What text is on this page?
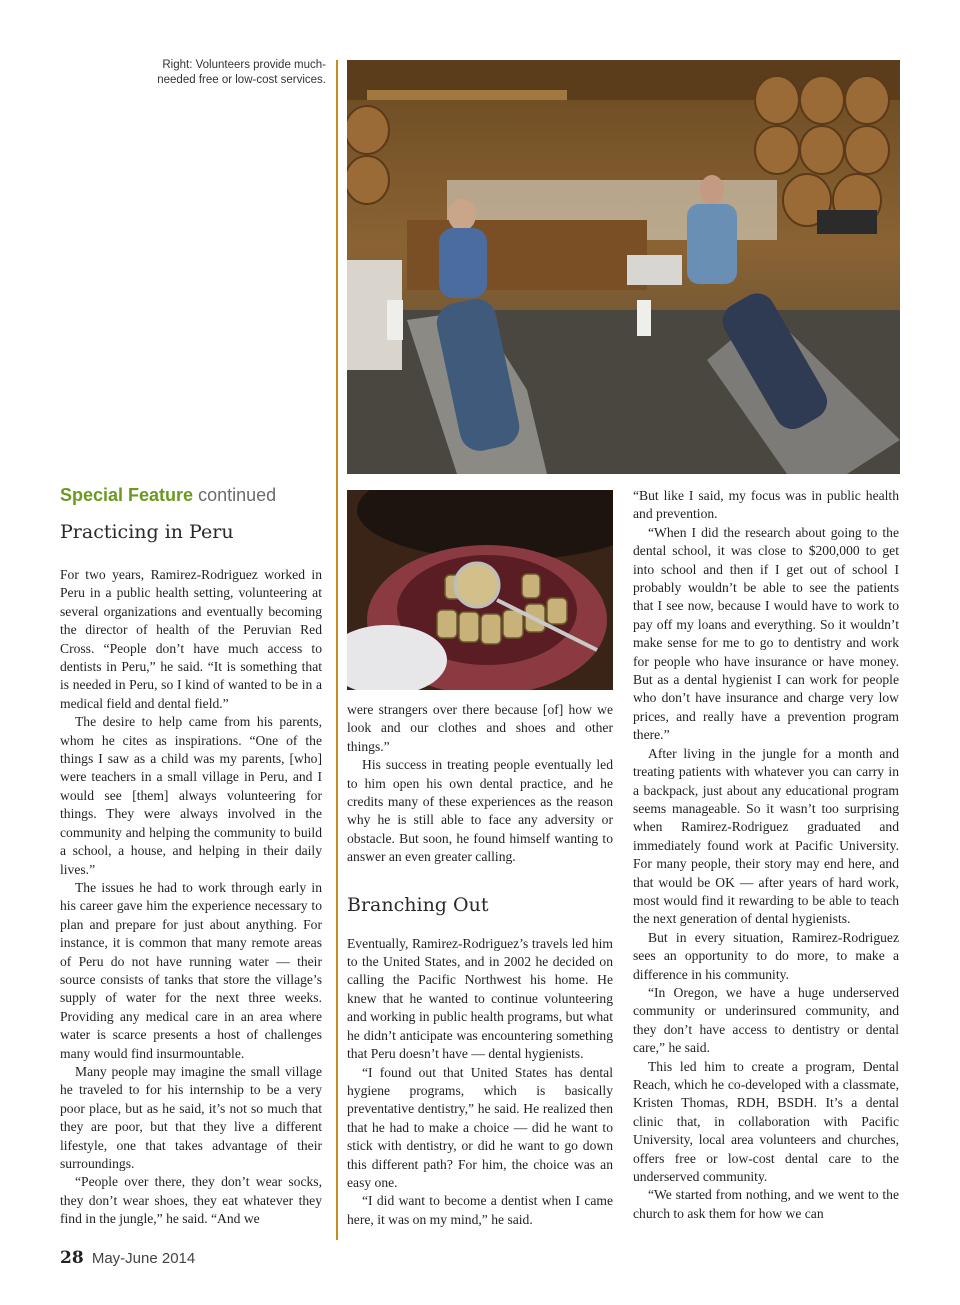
Right: Volunteers provide much-needed free or low-cost services.
Special Feature continued
Practicing in Peru

For two years, Ramirez-Rodriguez worked in Peru in a public health setting, volunteering at several organizations and eventually becoming the director of health of the Peruvian Red Cross. “People don’t have much access to dentists in Peru,” he said. “It is something that is needed in Peru, so I kind of wanted to be in a medical field and dental field.”

The desire to help came from his parents, whom he cites as inspirations. “One of the things I saw as a child was my parents, [who] were teachers in a small village in Peru, and I would see [them] always volunteering for things. They were always involved in the community and helping the community to build a school, a house, and helping in their daily lives.”

The issues he had to work through early in his career gave him the experience necessary to plan and prepare for just about anything. For instance, it is common that many remote areas of Peru do not have running water — their source consists of tanks that store the village’s supply of water for the next three weeks. Providing any medical care in an area where water is scarce presents a host of challenges many would find insurmountable.

Many people may imagine the small village he traveled to for his internship to be a very poor place, but as he said, it’s not so much that they are poor, but that they live a different lifestyle, one that takes advantage of their surroundings.

“People over there, they don’t wear socks, they don’t wear shoes, they eat whatever they find in the jungle,” he said. “And we

were strangers over there because [of] how we look and our clothes and shoes and other things.”

His success in treating people eventually led to him open his own dental practice, and he credits many of these experiences as the reason why he is still able to face any adversity or obstacle. But soon, he found himself wanting to answer an even greater calling.

Branching Out

Eventually, Ramirez-Rodriguez’s travels led him to the United States, and in 2002 he decided on calling the Pacific Northwest his home. He knew that he wanted to continue volunteering and working in public health programs, but what he didn’t anticipate was encountering something that Peru doesn’t have — dental hygienists.

“I found out that United States has dental hygiene programs, which is basically preventative dentistry,” he said. He realized then that he had to make a choice — did he want to stick with dentistry, or did he want to go down this different path? For him, the choice was an easy one.

“I did want to become a dentist when I came here, it was on my mind,” he said.

“But like I said, my focus was in public health and prevention.

“When I did the research about going to the dental school, it was close to $200,000 to get into school and then if I get out of school I probably wouldn’t be able to see the patients that I see now, because I would have to work to pay off my loans and everything. So it wouldn’t make sense for me to go to dentistry and work for people who have insurance or have money. But as a dental hygienist I can work for people who don’t have insurance and charge very low prices, and really have a prevention program there.”

After living in the jungle for a month and treating patients with whatever you can carry in a backpack, just about any educational program seems manageable. So it wasn’t too surprising when Ramirez-Rodriguez graduated and immediately found work at Pacific University. For many people, their story may end here, and that would be OK — after years of hard work, most would find it rewarding to be able to teach the next generation of dental hygienists.

But in every situation, Ramirez-Rodriguez sees an opportunity to do more, to make a difference in his community.

“In Oregon, we have a huge underserved community or underinsured community, and they don’t have access to dentistry or dental care,” he said.

This led him to create a program, Dental Reach, which he co-developed with a classmate, Kristen Thomas, RDH, BSDH. It’s a dental clinic that, in collaboration with Pacific University, local area volunteers and churches, offers free or low-cost dental care to the underserved community.

“We started from nothing, and we went to the church to ask them for how we can

28 May-June 2014
